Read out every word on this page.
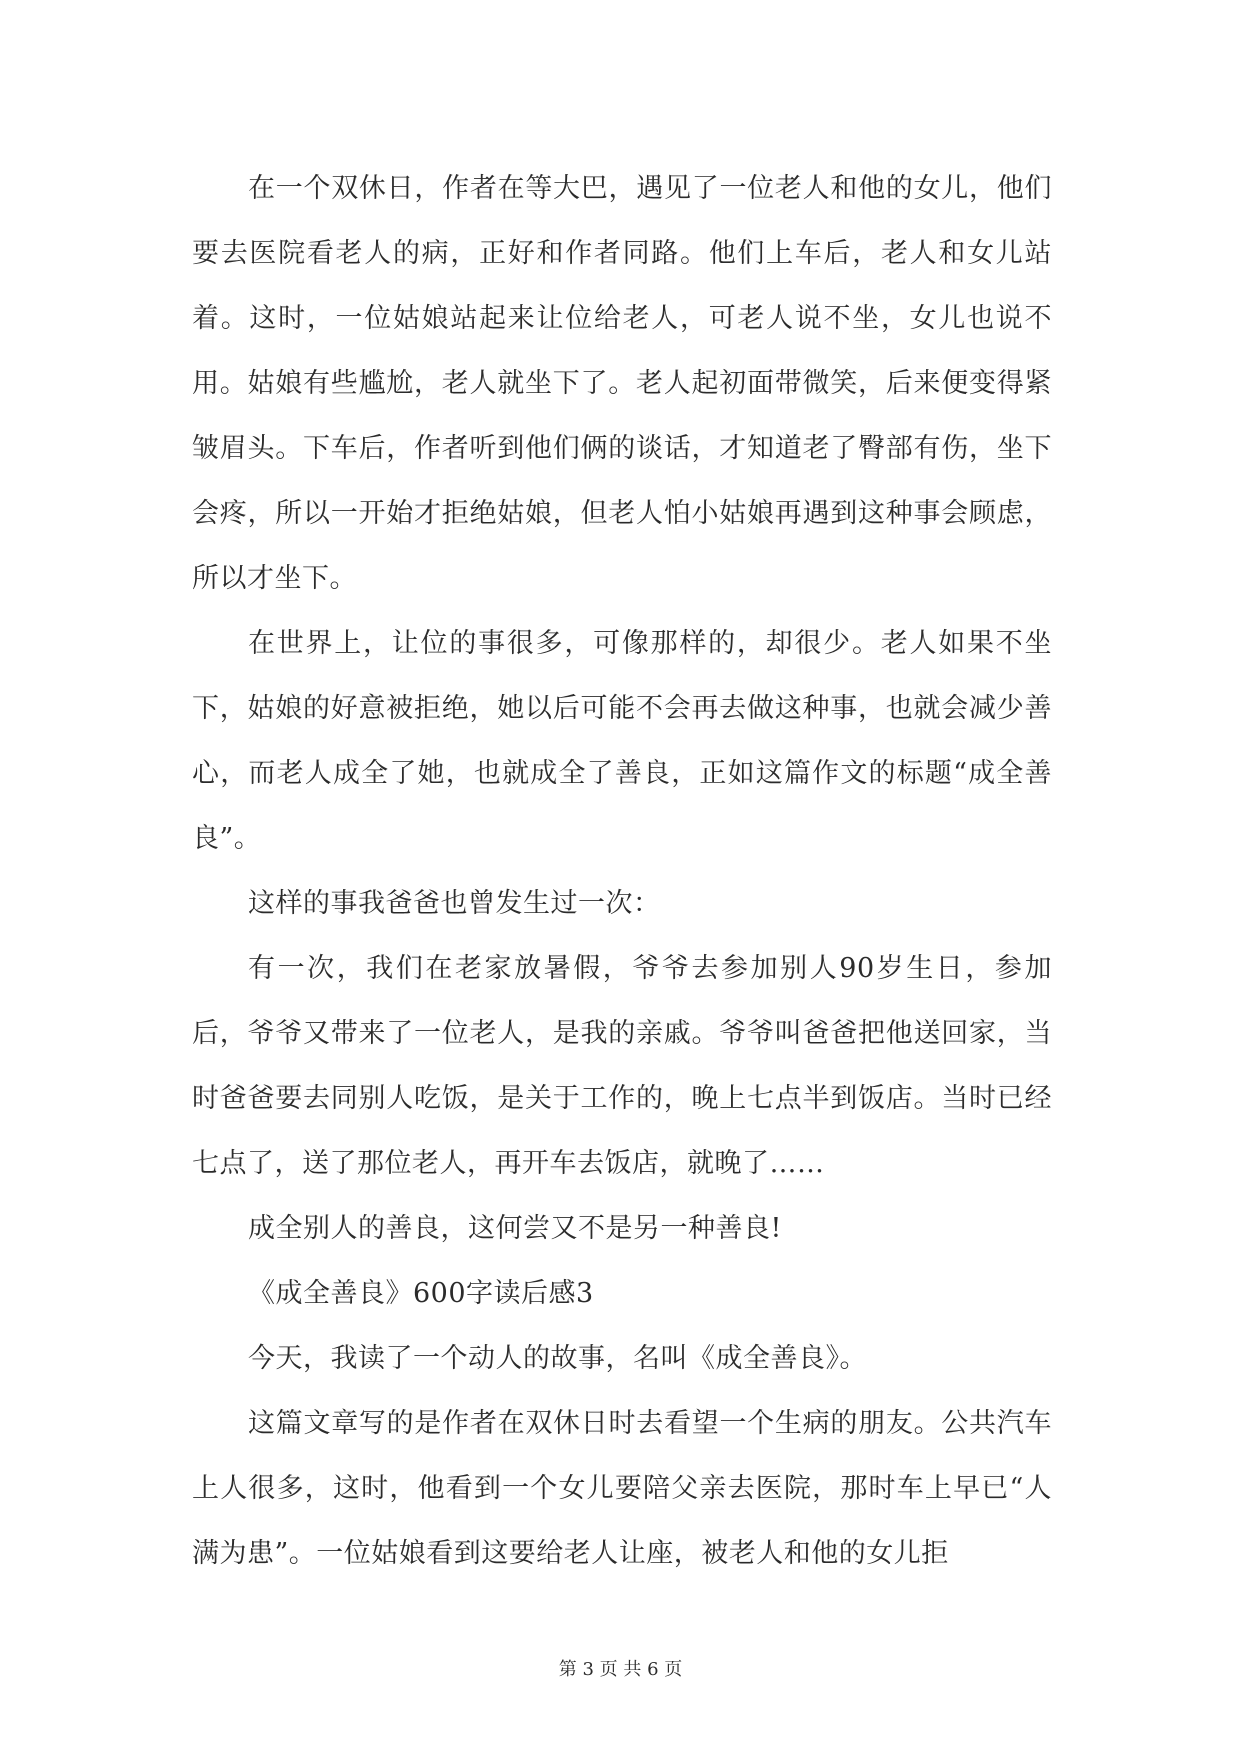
在一个双休日，作者在等大巴，遇见了一位老人和他的女儿，他们要去医院看老人的病，正好和作者同路。他们上车后，老人和女儿站着。这时，一位姑娘站起来让位给老人，可老人说不坐，女儿也说不用。姑娘有些尴尬，老人就坐下了。老人起初面带微笑，后来便变得紧皱眉头。下车后，作者听到他们俩的谈话，才知道老了臀部有伤，坐下会疼，所以一开始才拒绝姑娘，但老人怕小姑娘再遇到这种事会顾虑，所以才坐下。

在世界上，让位的事很多，可像那样的，却很少。老人如果不坐下，姑娘的好意被拒绝，她以后可能不会再去做这种事，也就会减少善心，而老人成全了她，也就成全了善良，正如这篇作文的标题“成全善良”。

这样的事我爸爸也曾发生过一次：

有一次，我们在老家放暑假，爷爷去参加别人90岁生日，参加后，爷爷又带来了一位老人，是我的亲戚。爷爷叫爸爸把他送回家，当时爸爸要去同别人吃饭，是关于工作的，晚上七点半到饭店。当时已经七点了，送了那位老人，再开车去饭店，就晚了……

成全别人的善良，这何尝又不是另一种善良!

《成全善良》600字读后感3

今天，我读了一个动人的故事，名叫《成全善良》。

这篇文章写的是作者在双休日时去看望一个生病的朋友。公共汽车上人很多，这时，他看到一个女儿要陪父亲去医院，那时车上早已“人满为患”。一位姑娘看到这要给老人让座，被老人和他的女儿拒

第 3 页 共 6 页
